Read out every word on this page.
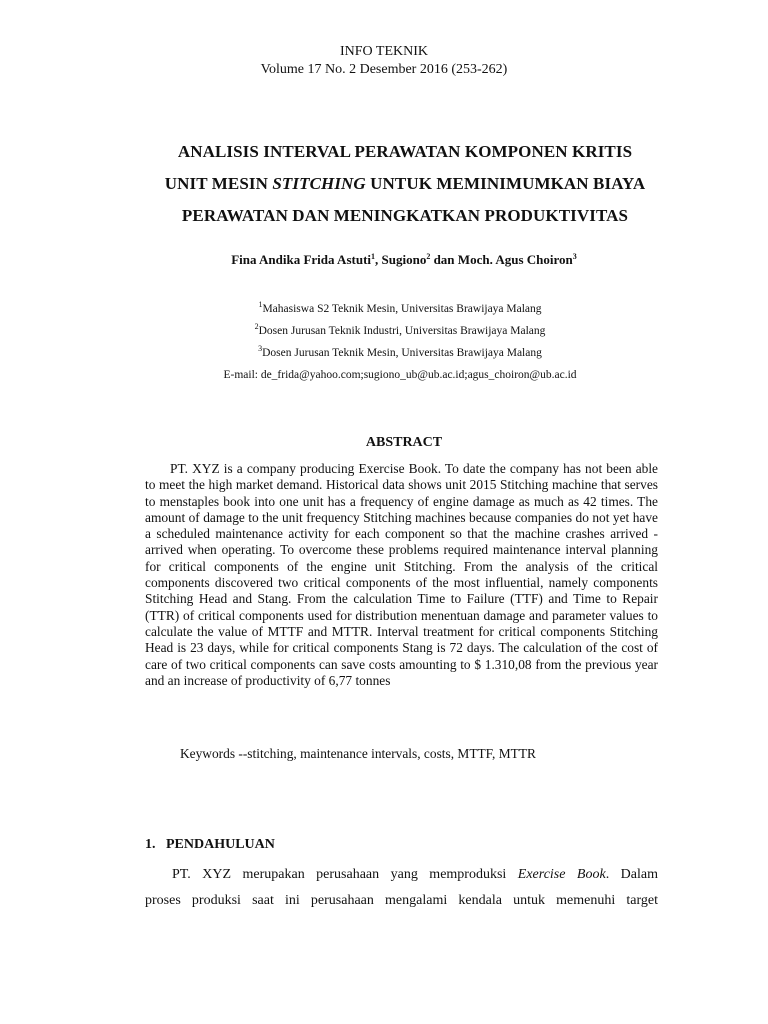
INFO TEKNIK
Volume 17 No. 2 Desember 2016 (253-262)
ANALISIS INTERVAL PERAWATAN KOMPONEN KRITIS
UNIT MESIN STITCHING UNTUK MEMINIMUMKAN BIAYA
PERAWATAN DAN MENINGKATKAN PRODUKTIVITAS
Fina Andika Frida Astuti$^1$, Sugiono$^2$ dan Moch. Agus Choiron$^3$
$^1$Mahasiswa S2 Teknik Mesin, Universitas Brawijaya Malang
$^2$Dosen Jurusan Teknik Industri, Universitas Brawijaya Malang
$^3$Dosen Jurusan Teknik Mesin, Universitas Brawijaya Malang
E-mail: de_frida@yahoo.com;sugiono_ub@ub.ac.id;agus_choiron@ub.ac.id
ABSTRACT
PT. XYZ is a company producing Exercise Book. To date the company has not been able to meet the high market demand. Historical data shows unit 2015 Stitching machine that serves to menstaples book into one unit has a frequency of engine damage as much as 42 times. The amount of damage to the unit frequency Stitching machines because companies do not yet have a scheduled maintenance activity for each component so that the machine crashes arrived - arrived when operating. To overcome these problems required maintenance interval planning for critical components of the engine unit Stitching. From the analysis of the critical components discovered two critical components of the most influential, namely components Stitching Head and Stang. From the calculation Time to Failure (TTF) and Time to Repair (TTR) of critical components used for distribution menentuan damage and parameter values to calculate the value of MTTF and MTTR. Interval treatment for critical components Stitching Head is 23 days, while for critical components Stang is 72 days. The calculation of the cost of care of two critical components can save costs amounting to $ 1.310,08 from the previous year and an increase of productivity of 6,77 tonnes
Keywords --stitching, maintenance intervals, costs, MTTF, MTTR
1. PENDAHULUAN
PT. XYZ merupakan perusahaan yang memproduksi Exercise Book. Dalam
proses produksi saat ini perusahaan mengalami kendala untuk memenuhi target
